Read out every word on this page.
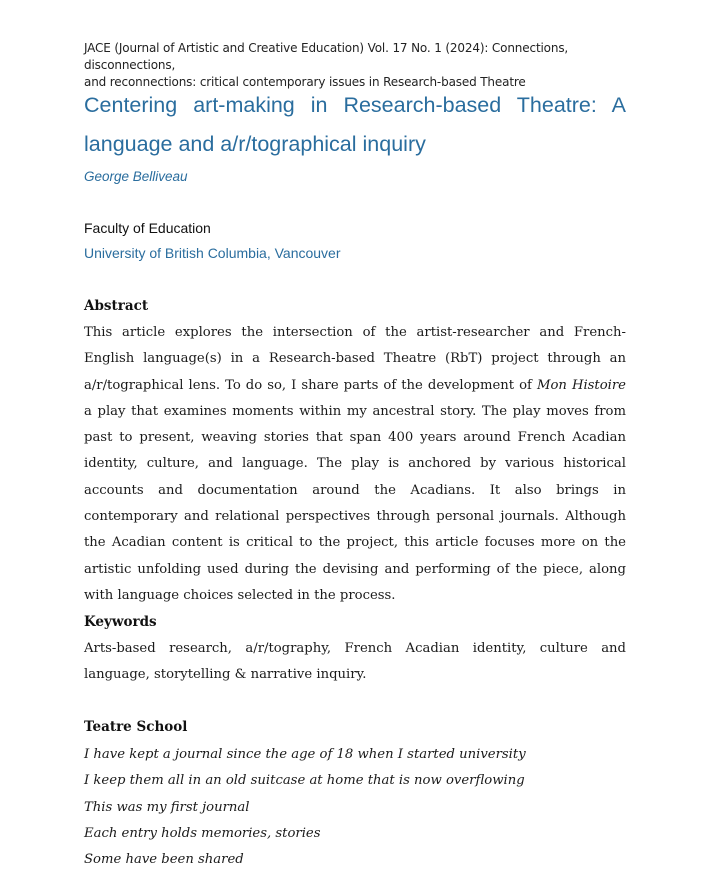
JACE (Journal of Artistic and Creative Education) Vol. 17 No. 1 (2024): Connections, disconnections,
and reconnections: critical contemporary issues in Research-based Theatre
Centering art-making in Research-based Theatre: A language and a/r/tographical inquiry
George Belliveau
Faculty of Education
University of British Columbia, Vancouver
Abstract

This article explores the intersection of the artist-researcher and French-English language(s) in a Research-based Theatre (RbT) project through an a/r/tographical lens. To do so, I share parts of the development of Mon Histoire a play that examines moments within my ancestral story. The play moves from past to present, weaving stories that span 400 years around French Acadian identity, culture, and language. The play is anchored by various historical accounts and documentation around the Acadians. It also brings in contemporary and relational perspectives through personal journals. Although the Acadian content is critical to the project, this article focuses more on the artistic unfolding used during the devising and performing of the piece, along with language choices selected in the process.

Keywords

Arts-based research, a/r/tography, French Acadian identity, culture and language, storytelling & narrative inquiry.

Teatre School
I have kept a journal since the age of 18 when I started university
I keep them all in an old suitcase at home that is now overflowing
This was my first journal
Each entry holds memories, stories
Some have been shared
